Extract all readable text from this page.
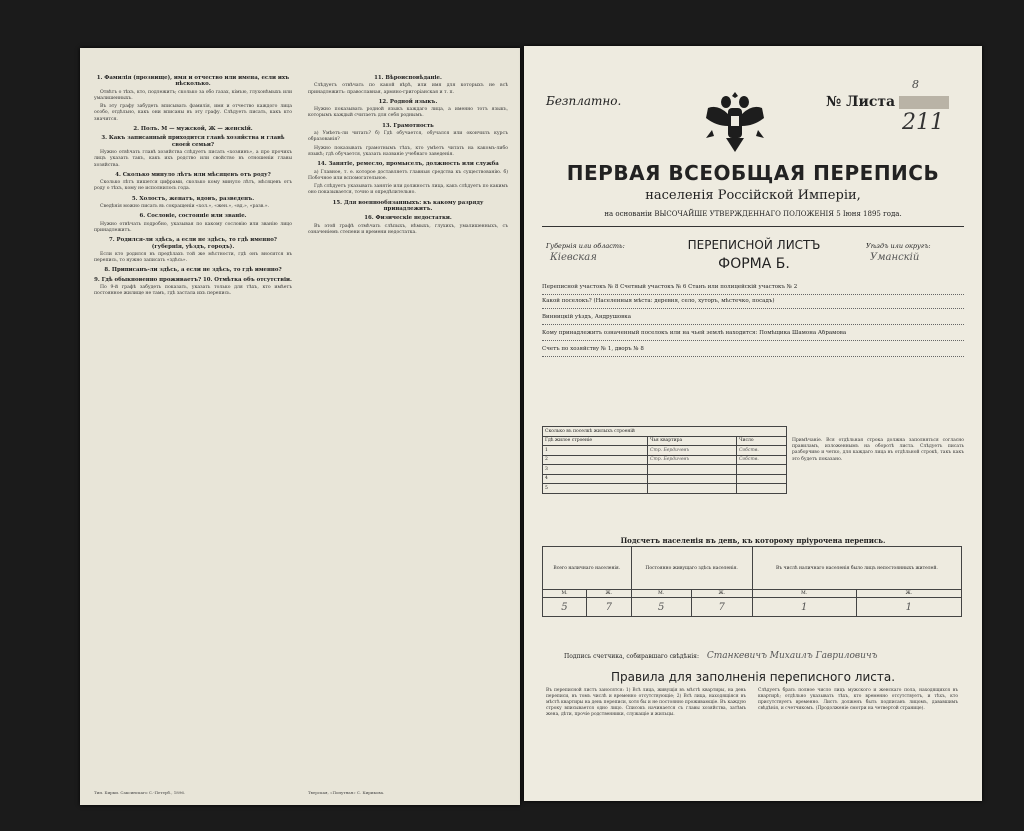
1. Фамилія (прозвище), имя и отчество или имена, если ихъ нѣсколько.

Отвѣтъ о тѣхъ, кто, подлежитъ; сколько за обо газах, кімъю, глухонѣмыхъ или умалишенныхъ.

Въ эту графу забудеть вписывать фамилія, имя и отчество каждого лица особо, отдѣльно, какъ они вписаны въ эту графу. Слѣдуетъ писать, какъ кто значится.

2. Полъ. М — мужской, Ж — женскій.
3. Какъ записанный приходится главѣ хозяйства и главѣ своей семьи?

Нужно отвѣчать главѣ хозяйства слѣдуетъ писать «хозяинъ», а про прочихъ лицъ указать такъ, какъ ихъ родство или свойство въ отношеніи главы хозяйства.

4. Сколько минуло лѣтъ или мѣсяцевъ отъ роду?

Сколько лѣтъ пишется цифрами, сколько кому минуло лѣтъ, мѣсяцевъ отъ роду о тѣхъ, кому не исполнилось года.

5. Холостъ, женатъ, вдовъ, разведенъ.

Сведѣнія можно писать въ сокращеніи «хол.», «жен.», «вд.», «разв.».

6. Сословіе, состояніе или званіе.

Нужно отвѣчать подробно, указывая по какому сословію или званію лицо принадлежитъ.

7. Родился-ли здѣсь, а если не здѣсь, то гдѣ именно? (губернія, уѣздъ, городъ).

Если кто родился въ предѣлахъ той же мѣстности, гдѣ онъ вносится въ перепись, то нужно записать «здѣсь».

8. Приписанъ-ли здѣсь, а если не здѣсь, то гдѣ именно?
9. Гдѣ обыкновенно проживаетъ? 10. Отмѣтка объ отсутствіи.

По 9-й графѣ забудеть показать, указать только для тѣхъ, кто имѣетъ постоянное жилище не тамъ, гдѣ застала ихъ перепись.

11. Вѣроисповѣданіе.

Слѣдуетъ отвѣчать по какой вѣрѣ, или имя для которыхъ не всѣ принадлежитъ: православная, армяно-григоріанская и т. п.

12. Родной языкъ.

Нужно показывать родной языкъ каждаго лица, а именно тотъ языкъ, которымъ каждый считаетъ для себя роднымъ.

13. Грамотность

а) Умѣетъ-ли читать? б) Гдѣ обучается, обучался или окончилъ курсъ образованія?

Нужно показывать грамотнымъ тѣхъ, кто умѣетъ читать на какомъ-либо языкѣ; гдѣ обучается, указать названіе учебнаго заведенія.

14. Занятіе, ремесло, промыселъ, должность или служба

а) Главное, т. е. которое доставляетъ главныя средства къ существованію. б) Побочное или вспомогательное.

Гдѣ слѣдуетъ указывать занятіе или должность лица, какъ слѣдуетъ по какимъ оно показывается, точно и опредѣлительно.

15. Для военнообязанныхъ: къ какому разряду принадлежитъ.
16. Физическіе недостатки.

Въ этой графѣ отмѣчать слѣпыхъ, нѣмыхъ, глухихъ, умалишенныхъ, съ означеніемъ степени и времени недостатка.

Тип. Бирки. Саксинскаго С.-Петерб., 1896.	Тверская, «Попутная» С. Кирикова.
Безплатно.	№ Листа
8
211
ПЕРВАЯ ВСЕОБЩАЯ ПЕРЕПИСЬ
населенія Россійской Имперіи,
на основаніи ВЫСОЧАЙШЕ УТВЕРЖДЕННАГО ПОЛОЖЕНІЯ 5 Іюня 1895 года.
Губернія или область:
Кіевская
Уѣздъ или округъ:
Уманскій
ПЕРЕПИСНОЙ ЛИСТЪ
ФОРМА Б.
Переписной участокъ № 8 Счетный участокъ № 6 Станъ или полицейскій участокъ № 2
Какой поселокъ? (Населенныя мѣста: деревня, село, хуторъ, мѣстечко, посадъ)
Винницкій уѣздъ, Андрушовка
Кому принадлежитъ означенный поселокъ или на чьей землѣ находится: Помѣщика Шамона Абрамова
Счетъ по хозяйству № 1, дворъ № 8
Сколько въ поселкѣ жилыхъ строеній		
Гдѣ жилое строеніе	Чья квартира	Число
1	Стр. Бердичевъ	Собств.
2	Стр. Бердичевъ	Собств.
3		
4		
5		
Примѣчаніе. Вся отдѣльная строка должна заполняться согласно правиламъ, изложеннымъ на оборотѣ листа. Слѣдуетъ писать разборчиво и четко, для каждаго лица въ отдѣльной строкѣ, такъ какъ это будетъ показано.
Подсчетъ населенія въ день, къ которому пріурочена перепись.
Всего наличнаго населенія.		Постоянно живущаго здѣсь населенія.		Въ числѣ наличнаго населенія было лицъ непостоянныхъ жителей.	
М.	Ж.	М.	Ж.	М.	Ж.
5	7	5	7	1	1
Подпись счетчика, собиравшаго свѣдѣнія: Станкевичъ Михаилъ Гавриловичъ
Правила для заполненія переписного листа.
Въ переписной листъ заносятся: 1) Всѣ лица, живущія въ мѣстѣ квартиры, на день переписи, въ томъ числѣ и временно отсутствующіе; 2) Всѣ лица, находящіяся въ мѣстѣ квартиры на день переписи, хотя бы и не постоянно проживающіе. Въ каждую строку вписывается одно лицо. Списокъ начинается съ главы хозяйства, затѣмъ жена, дѣти, прочіе родственники, служащіе и жильцы.
Слѣдуетъ брать полное число лицъ мужского и женскаго пола, находящихся въ квартирѣ; отдѣльно указывать тѣхъ, кто временно отсутствуетъ, и тѣхъ, кто присутствуетъ временно. Листъ долженъ быть подписанъ лицомъ, дававшимъ свѣдѣнія, и счетчикомъ. (Продолженіе смотри на четвертой странице).
